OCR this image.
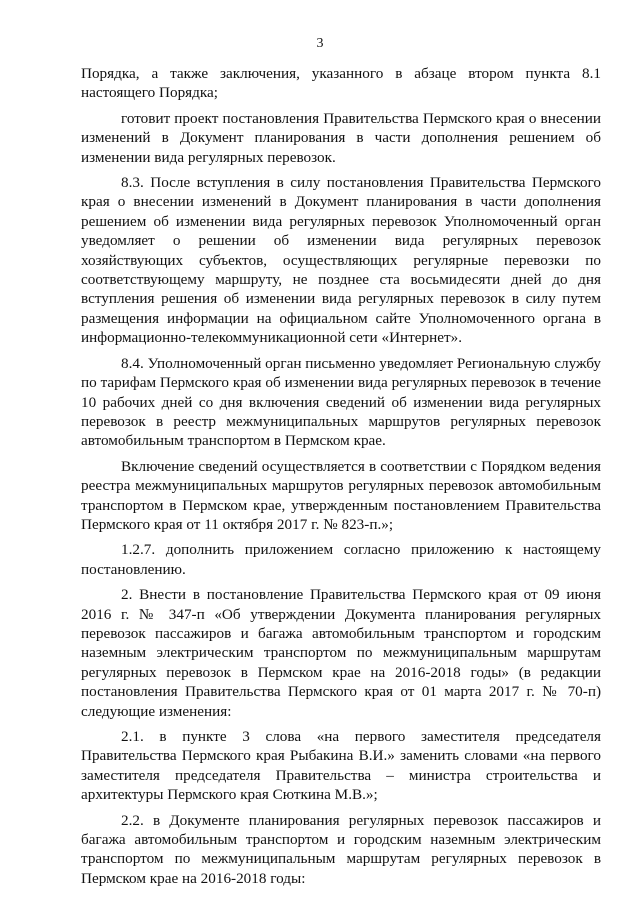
3

Порядка, а также заключения, указанного в абзаце втором пункта 8.1 настоящего Порядка;

готовит проект постановления Правительства Пермского края о внесении изменений в Документ планирования в части дополнения решением об изменении вида регулярных перевозок.

8.3. После вступления в силу постановления Правительства Пермского края о внесении изменений в Документ планирования в части дополнения решением об изменении вида регулярных перевозок Уполномоченный орган уведомляет о решении об изменении вида регулярных перевозок хозяйствующих субъектов, осуществляющих регулярные перевозки по соответствующему маршруту, не позднее ста восьмидесяти дней до дня вступления решения об изменении вида регулярных перевозок в силу путем размещения информации на официальном сайте Уполномоченного органа в информационно-телекоммуникационной сети «Интернет».

8.4. Уполномоченный орган письменно уведомляет Региональную службу по тарифам Пермского края об изменении вида регулярных перевозок в течение 10 рабочих дней со дня включения сведений об изменении вида регулярных перевозок в реестр межмуниципальных маршрутов регулярных перевозок автомобильным транспортом в Пермском крае.

Включение сведений осуществляется в соответствии с Порядком ведения реестра межмуниципальных маршрутов регулярных перевозок автомобильным транспортом в Пермском крае, утвержденным постановлением Правительства Пермского края от 11 октября 2017 г. № 823-п.»;

1.2.7. дополнить приложением согласно приложению к настоящему постановлению.

2. Внести в постановление Правительства Пермского края от 09 июня 2016 г. № 347-п «Об утверждении Документа планирования регулярных перевозок пассажиров и багажа автомобильным транспортом и городским наземным электрическим транспортом по межмуниципальным маршрутам регулярных перевозок в Пермском крае на 2016-2018 годы» (в редакции постановления Правительства Пермского края от 01 марта 2017 г. № 70-п) следующие изменения:

2.1. в пункте 3 слова «на первого заместителя председателя Правительства Пермского края Рыбакина В.И.» заменить словами «на первого заместителя председателя Правительства – министра строительства и архитектуры Пермского края Сюткина М.В.»;

2.2. в Документе планирования регулярных перевозок пассажиров и багажа автомобильным транспортом и городским наземным электрическим транспортом по межмуниципальным маршрутам регулярных перевозок в Пермском крае на 2016-2018 годы:
